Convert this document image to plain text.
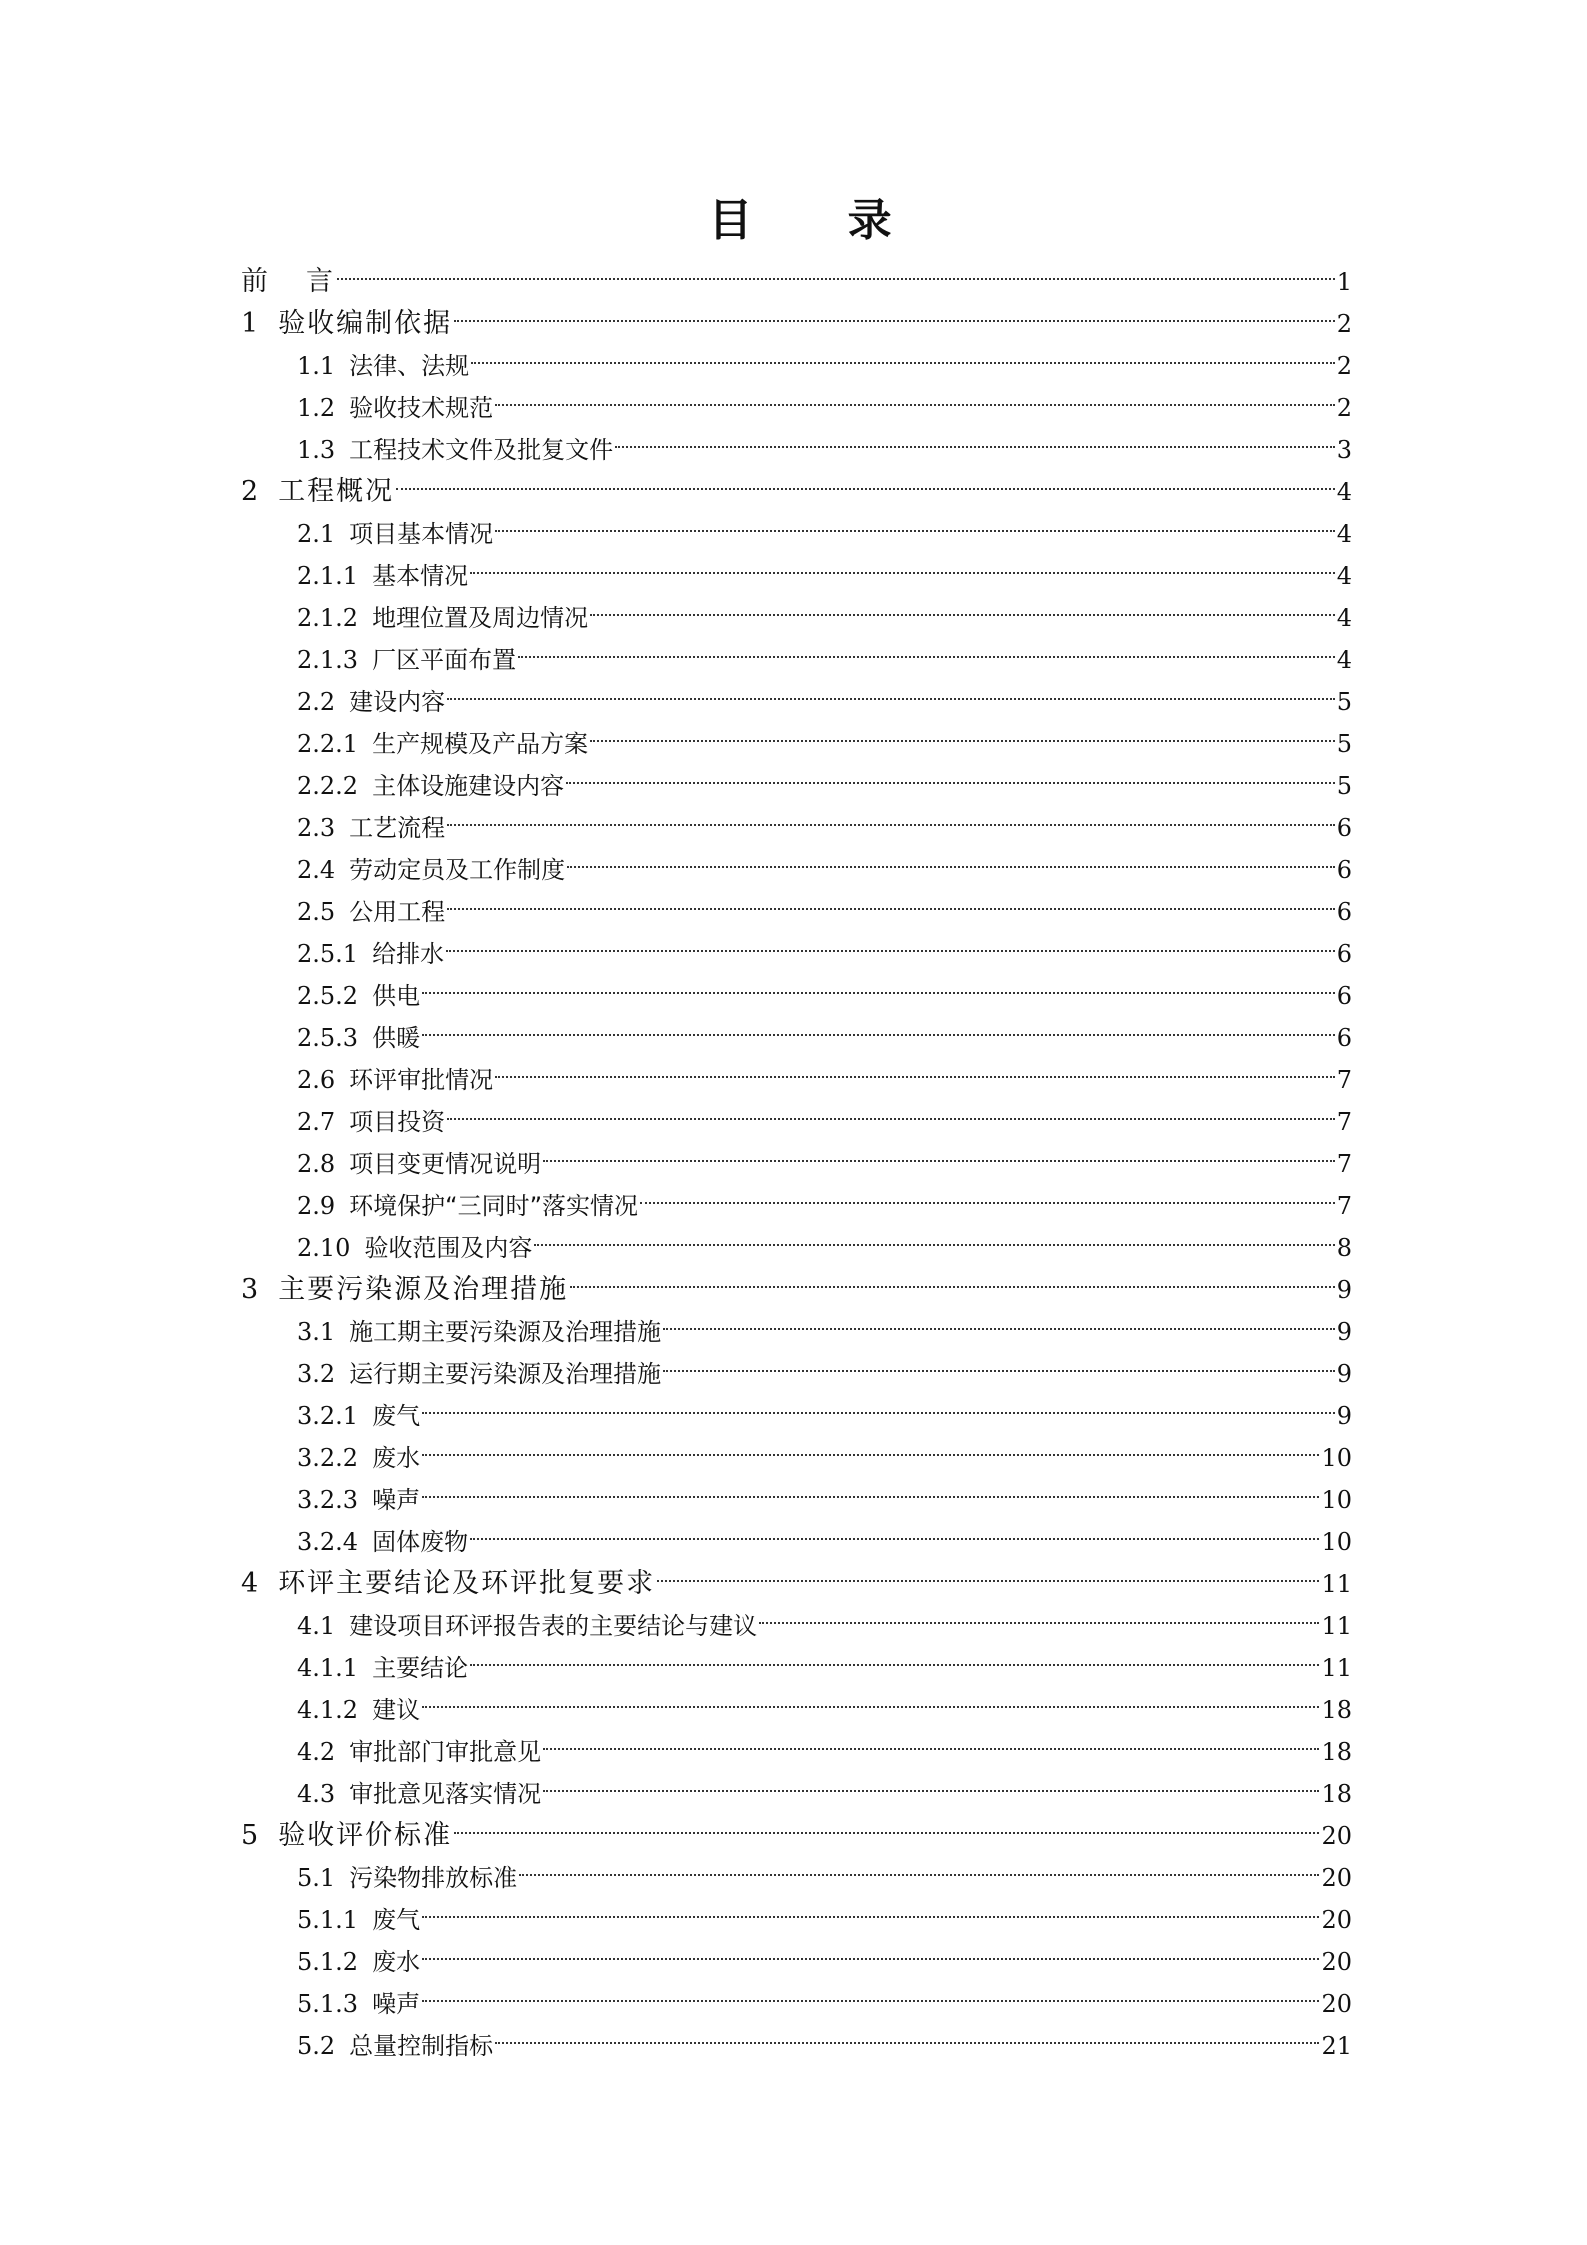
目 录
前 言	1
1 验收编制依据	2
1.1 法律、法规	2
1.2 验收技术规范	2
1.3 工程技术文件及批复文件	3
2 工程概况	4
2.1 项目基本情况	4
2.1.1 基本情况	4
2.1.2 地理位置及周边情况	4
2.1.3 厂区平面布置	4
2.2 建设内容	5
2.2.1 生产规模及产品方案	5
2.2.2 主体设施建设内容	5
2.3 工艺流程	6
2.4 劳动定员及工作制度	6
2.5 公用工程	6
2.5.1 给排水	6
2.5.2 供电	6
2.5.3 供暖	6
2.6 环评审批情况	7
2.7 项目投资	7
2.8 项目变更情况说明	7
2.9 环境保护“三同时”落实情况	7
2.10 验收范围及内容	8
3 主要污染源及治理措施	9
3.1 施工期主要污染源及治理措施	9
3.2 运行期主要污染源及治理措施	9
3.2.1 废气	9
3.2.2 废水	10
3.2.3 噪声	10
3.2.4 固体废物	10
4 环评主要结论及环评批复要求	11
4.1 建设项目环评报告表的主要结论与建议	11
4.1.1 主要结论	11
4.1.2 建议	18
4.2 审批部门审批意见	18
4.3 审批意见落实情况	18
5 验收评价标准	20
5.1 污染物排放标准	20
5.1.1 废气	20
5.1.2 废水	20
5.1.3 噪声	20
5.2 总量控制指标	21
